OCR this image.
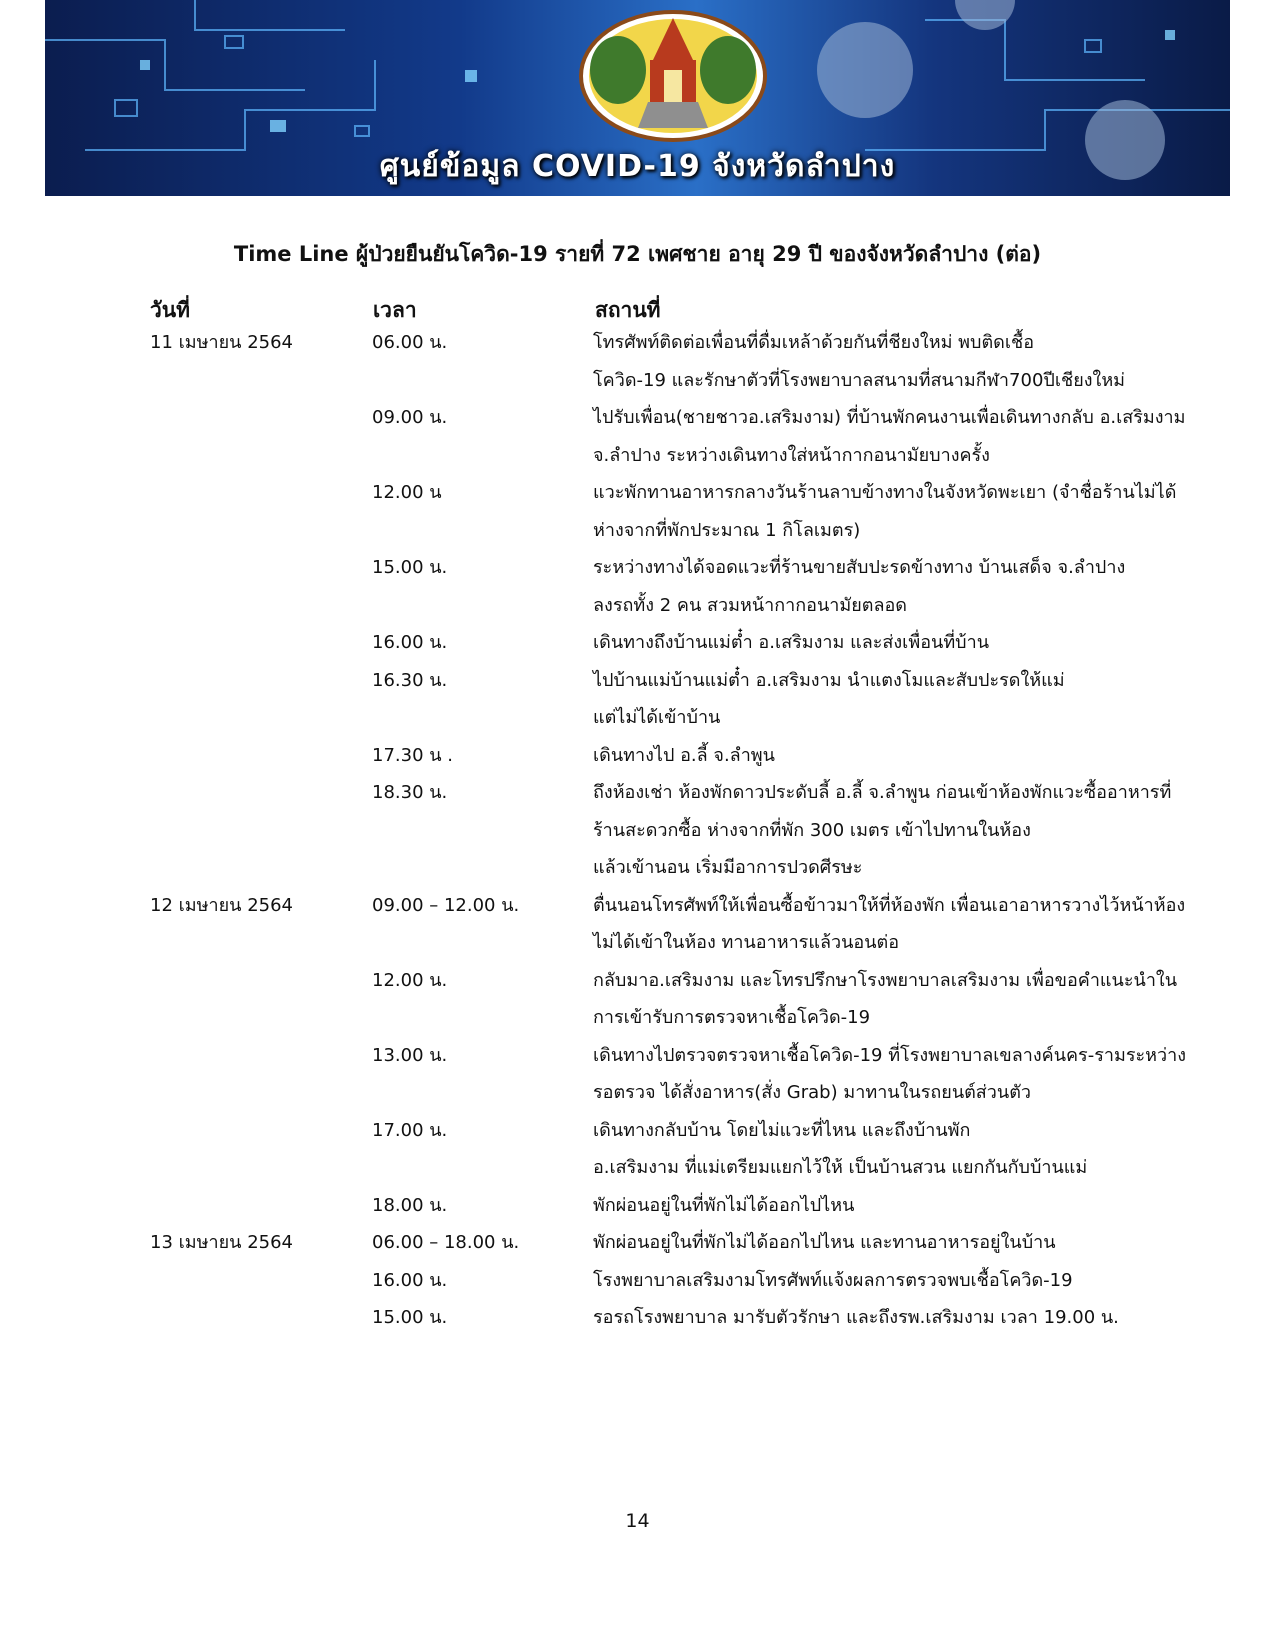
ศูนย์ข้อมูล COVID-19 จังหวัดลำปาง
Time Line ผู้ป่วยยืนยันโควิด-19 รายที่ 72 เพศชาย อายุ 29 ปี ของจังหวัดลำปาง (ต่อ)
วันที่	เวลา	สถานที่
11 เมษายน 2564	06.00 น.	โทรศัพท์ติดต่อเพื่อนที่ดื่มเหล้าด้วยกันที่ชียงใหม่ พบติดเชื้อ
โควิด-19 และรักษาตัวที่โรงพยาบาลสนามที่สนามกีฬา700ปีเชียงใหม่
09.00 น.	ไปรับเพื่อน(ชายชาวอ.เสริมงาม) ที่บ้านพักคนงานเพื่อเดินทางกลับ อ.เสริมงาม
จ.ลำปาง ระหว่างเดินทางใส่หน้ากากอนามัยบางครั้ง
12.00 น	แวะพักทานอาหารกลางวันร้านลาบข้างทางในจังหวัดพะเยา (จำชื่อร้านไม่ได้
ห่างจากที่พักประมาณ 1 กิโลเมตร)
15.00 น.	ระหว่างทางได้จอดแวะที่ร้านขายสับปะรดข้างทาง บ้านเสด็จ จ.ลำปาง
ลงรถทั้ง 2 คน สวมหน้ากากอนามัยตลอด
16.00 น.	เดินทางถึงบ้านแม่ต๋ำ อ.เสริมงาม และส่งเพื่อนที่บ้าน
16.30 น.	ไปบ้านแม่บ้านแม่ต๋ำ อ.เสริมงาม นำแตงโมและสับปะรดให้แม่
แต่ไม่ได้เข้าบ้าน
17.30 น .	เดินทางไป อ.ลี้ จ.ลำพูน
18.30 น.	ถึงห้องเช่า ห้องพักดาวประดับลี้ อ.ลี้ จ.ลำพูน ก่อนเข้าห้องพักแวะซื้ออาหารที่
ร้านสะดวกซื้อ ห่างจากที่พัก 300 เมตร เข้าไปทานในห้อง
แล้วเข้านอน เริ่มมีอาการปวดศีรษะ
12 เมษายน 2564	09.00 – 12.00 น.	ตื่นนอนโทรศัพท์ให้เพื่อนซื้อข้าวมาให้ที่ห้องพัก เพื่อนเอาอาหารวางไว้หน้าห้อง
ไม่ได้เข้าในห้อง ทานอาหารแล้วนอนต่อ
12.00 น.	กลับมาอ.เสริมงาม และโทรปรึกษาโรงพยาบาลเสริมงาม เพื่อขอคำแนะนำใน
การเข้ารับการตรวจหาเชื้อโควิด-19
13.00 น.	เดินทางไปตรวจตรวจหาเชื้อโควิด-19 ที่โรงพยาบาลเขลางค์นคร-รามระหว่าง
รอตรวจ ได้สั่งอาหาร(สั่ง Grab) มาทานในรถยนต์ส่วนตัว
17.00 น.	เดินทางกลับบ้าน โดยไม่แวะที่ไหน และถึงบ้านพัก
อ.เสริมงาม ที่แม่เตรียมแยกไว้ให้ เป็นบ้านสวน แยกกันกับบ้านแม่
18.00 น.	พักผ่อนอยู่ในที่พักไม่ได้ออกไปไหน
13 เมษายน 2564	06.00 – 18.00 น.	พักผ่อนอยู่ในที่พักไม่ได้ออกไปไหน และทานอาหารอยู่ในบ้าน
16.00 น.	โรงพยาบาลเสริมงามโทรศัพท์แจ้งผลการตรวจพบเชื้อโควิด-19
15.00 น.	รอรถโรงพยาบาล มารับตัวรักษา และถึงรพ.เสริมงาม เวลา 19.00 น.
14
